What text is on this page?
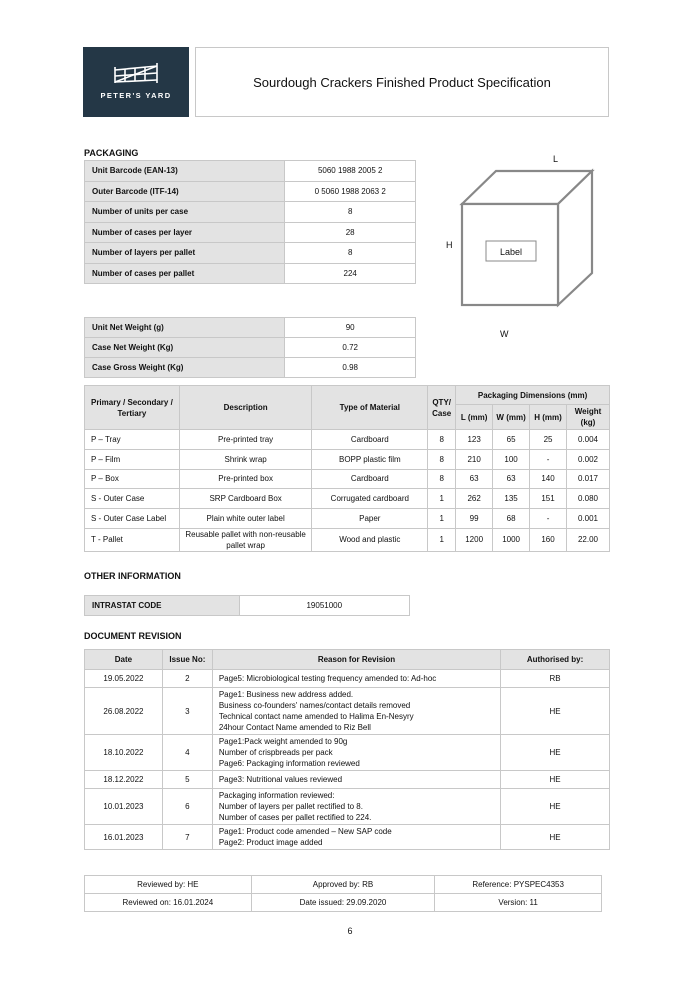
PETER'S YARD
Sourdough Crackers Finished Product Specification
PACKAGING
Unit Barcode (EAN-13)	5060 1988 2005 2
Outer Barcode (ITF-14)	0 5060 1988 2063 2
Number of units per case	8
Number of cases per layer	28
Number of layers per pallet	8
Number of cases per pallet	224
Unit Net Weight (g)	90
Case Net Weight (Kg)	0.72
Case Gross Weight (Kg)	0.98
L
H
W
Label
Primary / Secondary / Tertiary	Description	Type of Material	QTY/ Case	Packaging Dimensions (mm)			
				L (mm)	W (mm)	H (mm)	Weight (kg)
P – Tray	Pre-printed tray	Cardboard	8	123	65	25	0.004
P – Film	Shrink wrap	BOPP plastic film	8	210	100	-	0.002
P – Box	Pre-printed box	Cardboard	8	63	63	140	0.017
S - Outer Case	SRP Cardboard Box	Corrugated cardboard	1	262	135	151	0.080
S - Outer Case Label	Plain white outer label	Paper	1	99	68	-	0.001
T - Pallet	Reusable pallet with non-reusable pallet wrap	Wood and plastic	1	1200	1000	160	22.00
OTHER INFORMATION
INTRASTAT CODE	19051000
DOCUMENT REVISION
Date	Issue No:	Reason for Revision	Authorised by:
19.05.2022	2	Page5: Microbiological testing frequency amended to: Ad-hoc	RB
26.08.2022	3	Page1: Business new address added.
Business co-founders' names/contact details removed
Technical contact name amended to Halima En-Nesyry
24hour Contact Name amended to Riz Bell	HE
18.10.2022	4	Page1:Pack weight amended to 90g
Number of crispbreads per pack
Page6: Packaging information reviewed	HE
18.12.2022	5	Page3: Nutritional values reviewed	HE
10.01.2023	6	Packaging information reviewed:
Number of layers per pallet rectified to 8.
Number of cases per pallet rectified to 224.	HE
16.01.2023	7	Page1: Product code amended – New SAP code
Page2: Product image added	HE
Reviewed by: HE	Approved by: RB	Reference: PYSPEC4353
Reviewed on: 16.01.2024	Date issued: 29.09.2020	Version: 11
6
